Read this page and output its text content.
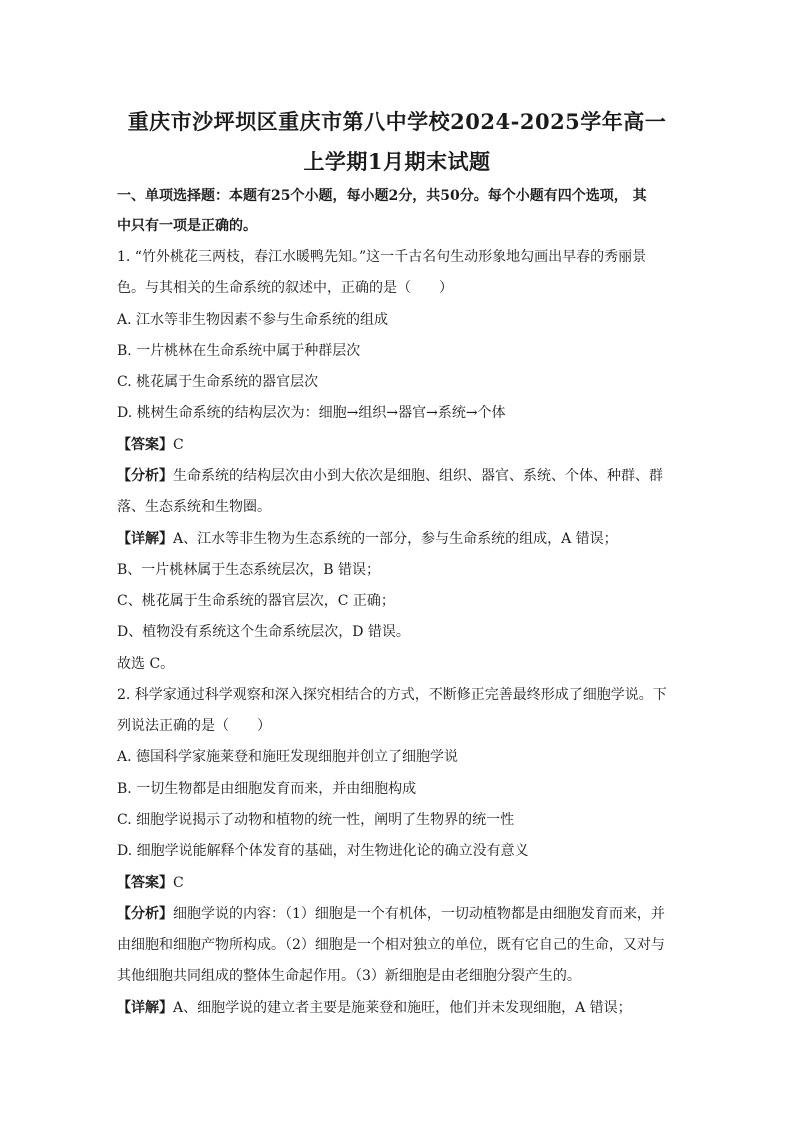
重庆市沙坪坝区重庆市第八中学校2024-2025学年高一
上学期1月期末试题
一、单项选择题：本题有25个小题，每小题2分，共50分。每个小题有四个选项， 其
中只有一项是正确的。
1. “竹外桃花三两枝，春江水暖鸭先知。”这一千古名句生动形象地勾画出早春的秀丽景
色。与其相关的生命系统的叙述中，正确的是（　　）
A. 江水等非生物因素不参与生命系统的组成
B. 一片桃林在生命系统中属于种群层次
C. 桃花属于生命系统的器官层次
D. 桃树生命系统的结构层次为：细胞→组织→器官→系统→个体
【答案】C
【分析】生命系统的结构层次由小到大依次是细胞、组织、器官、系统、个体、种群、群
落、生态系统和生物圈。
【详解】A、江水等非生物为生态系统的一部分，参与生命系统的组成，A 错误；
B、一片桃林属于生态系统层次，B 错误；
C、桃花属于生命系统的器官层次，C 正确；
D、植物没有系统这个生命系统层次，D 错误。
故选 C。
2. 科学家通过科学观察和深入探究相结合的方式，不断修正完善最终形成了细胞学说。下
列说法正确的是（　　）
A. 德国科学家施莱登和施旺发现细胞并创立了细胞学说
B. 一切生物都是由细胞发育而来，并由细胞构成
C. 细胞学说揭示了动物和植物的统一性，阐明了生物界的统一性
D. 细胞学说能解释个体发育的基础，对生物进化论的确立没有意义
【答案】C
【分析】细胞学说的内容：（1）细胞是一个有机体，一切动植物都是由细胞发育而来，并
由细胞和细胞产物所构成。（2）细胞是一个相对独立的单位，既有它自己的生命，又对与
其他细胞共同组成的整体生命起作用。（3）新细胞是由老细胞分裂产生的。
【详解】A、细胞学说的建立者主要是施莱登和施旺，他们并未发现细胞，A 错误；
